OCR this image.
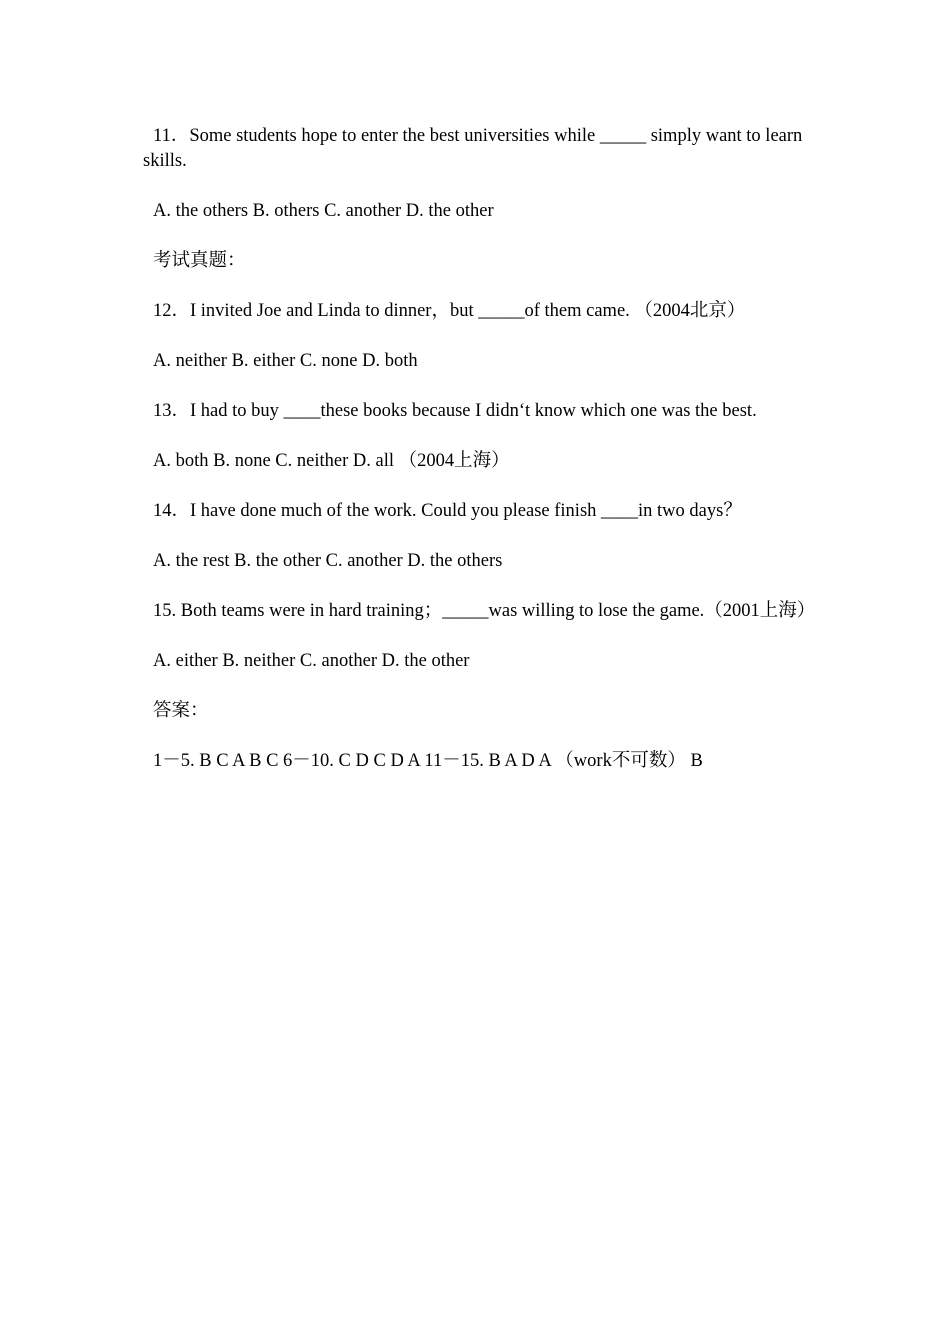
11．Some students hope to enter the best universities while _____ simply want to learn skills.

A. the others B. others C. another D. the other

考试真题：

12．I invited Joe and Linda to dinner，but _____of them came. （2004北京）

A. neither B. either C. none D. both

13．I had to buy ____these books because I didn‘t know which one was the best.

A. both B. none C. neither D. all （2004上海）

14．I have done much of the work. Could you please finish ____in two days？

A. the rest B. the other C. another D. the others

15. Both teams were in hard training；_____was willing to lose the game.（2001上海）

A. either B. neither C. another D. the other

答案：

1－5. B C A B C 6－10. C D C D A 11－15. B A D A （work不可数） B
